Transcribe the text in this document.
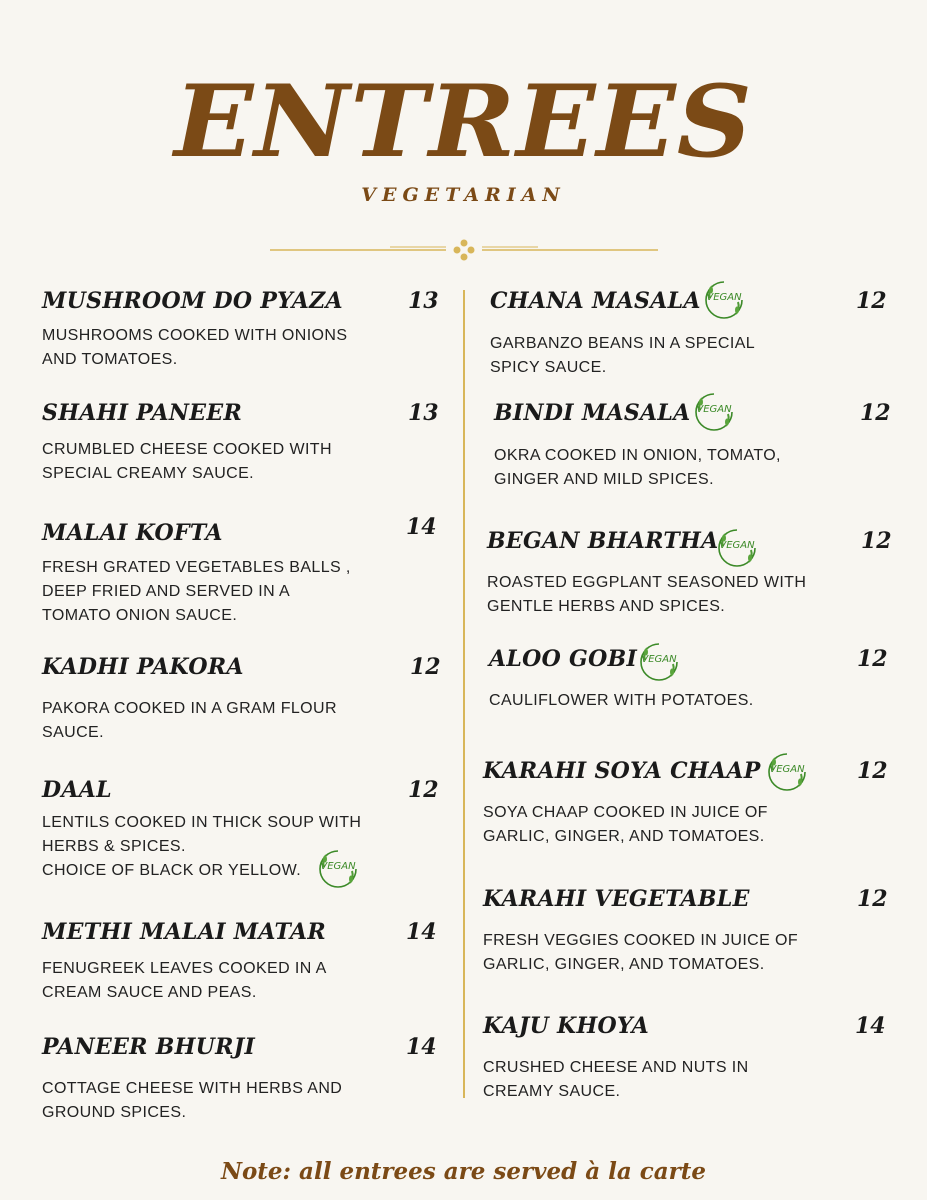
ENTREES
VEGETARIAN
MUSHROOM DO PYAZA	13
MUSHROOMS COOKED WITH ONIONS
AND TOMATOES.
SHAHI PANEER	13
CRUMBLED CHEESE COOKED WITH
SPECIAL CREAMY SAUCE.
MALAI KOFTA	14
FRESH GRATED VEGETABLES BALLS ,
DEEP FRIED AND SERVED IN A
TOMATO ONION SAUCE.
KADHI PAKORA	12
PAKORA COOKED IN A GRAM FLOUR
SAUCE.
DAAL	12
LENTILS COOKED IN THICK SOUP WITH
HERBS & SPICES.
CHOICE OF BLACK OR YELLOW.	VEGAN
METHI MALAI MATAR	14
FENUGREEK LEAVES COOKED IN A
CREAM SAUCE AND PEAS.
PANEER BHURJI	14
COTTAGE CHEESE WITH HERBS AND
GROUND SPICES.
CHANA MASALA VEGAN	12
GARBANZO BEANS IN A SPECIAL
SPICY SAUCE.
BINDI MASALA VEGAN	12
OKRA COOKED IN ONION, TOMATO,
GINGER AND MILD SPICES.
BEGAN BHARTHA VEGAN	12
ROASTED EGGPLANT SEASONED WITH
GENTLE HERBS AND SPICES.
ALOO GOBI VEGAN	12
CAULIFLOWER WITH POTATOES.
KARAHI SOYA CHAAP VEGAN 12
SOYA CHAAP COOKED IN JUICE OF
GARLIC, GINGER, AND TOMATOES.
KARAHI VEGETABLE	12
FRESH VEGGIES COOKED IN JUICE OF
GARLIC, GINGER, AND TOMATOES.
KAJU KHOYA	14
CRUSHED CHEESE AND NUTS IN
CREAMY SAUCE.
Note: all entrees are served à la carte
